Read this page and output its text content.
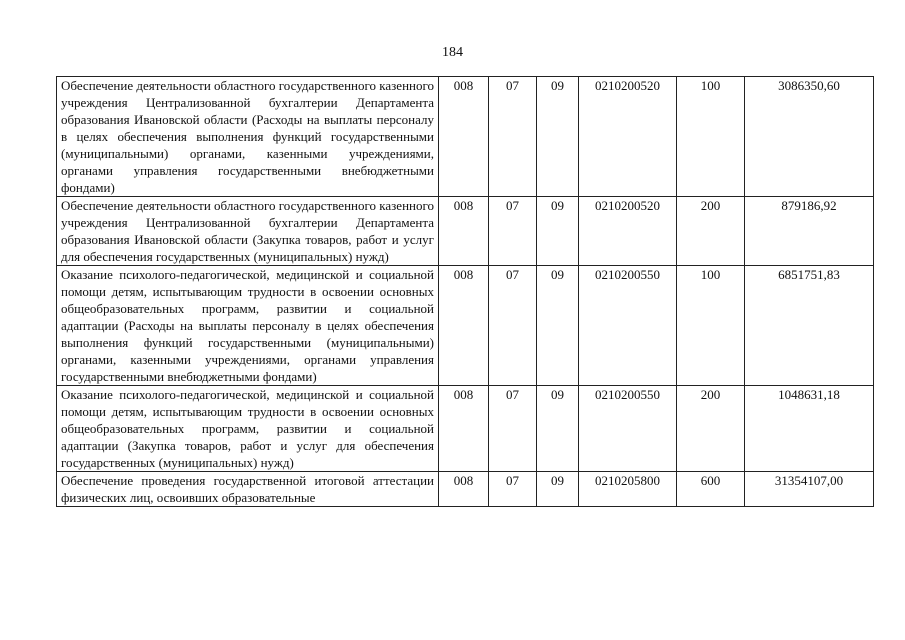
184
Обеспечение деятельности областного государственного казенного учреждения Централизованной бухгалтерии Департамента образования Ивановской области (Расходы на выплаты персоналу в целях обеспечения выполнения функций государственными (муниципальными) органами, казенными учреждениями, органами управления государственными внебюджетными фондами)	008	07	09	0210200520	100	3086350,60
Обеспечение деятельности областного государственного казенного учреждения Централизованной бухгалтерии Департамента образования Ивановской области (Закупка товаров, работ и услуг для обеспечения государственных (муниципальных) нужд)	008	07	09	0210200520	200	879186,92
Оказание психолого-педагогической, медицинской и социальной помощи детям, испытывающим трудности в освоении основных общеобразовательных программ, развитии и социальной адаптации (Расходы на выплаты персоналу в целях обеспечения выполнения функций государственными (муниципальными) органами, казенными учреждениями, органами управления государственными внебюджетными фондами)	008	07	09	0210200550	100	6851751,83
Оказание психолого-педагогической, медицинской и социальной помощи детям, испытывающим трудности в освоении основных общеобразовательных программ, развитии и социальной адаптации (Закупка товаров, работ и услуг для обеспечения государственных (муниципальных) нужд)	008	07	09	0210200550	200	1048631,18
Обеспечение проведения государственной итоговой аттестации физических лиц, освоивших образовательные	008	07	09	0210205800	600	31354107,00
